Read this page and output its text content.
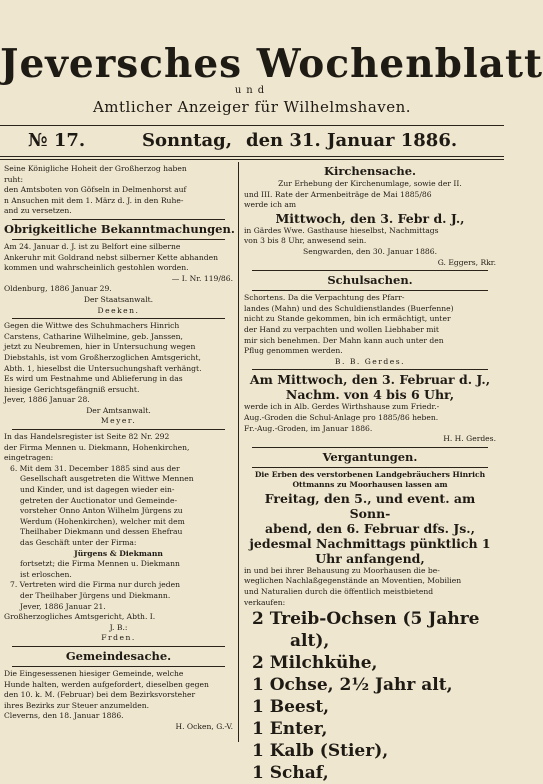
Jeversches Wochenblatt
und
Amtlicher Anzeiger für Wilhelmshaven.
№ 17.	Sonntag, den 31. Januar 1886.

Seine Königliche Hoheit der Großherzog haben

ruht:

den Amtsboten von Göfseln in Delmenhorst auf

n Ansuchen mit dem 1. März d. J. in den Ruhe-

and zu versetzen.

Obrigkeitliche Bekanntmachungen.

Am 24. Januar d. J. ist zu Belfort eine silberne

Ankeruhr mit Goldrand nebst silberner Kette abhanden

kommen und wahrscheinlich gestohlen worden.

— I. Nr. 119/86.

Oldenburg, 1886 Januar 29.

Der Staatsanwalt.

Deeken.

Gegen die Wittwe des Schuhmachers Hinrich

Carstens, Catharine Wilhelmine, geb. Janssen,

jetzt zu Neubremen, hier in Untersuchung wegen

Diebstahls, ist vom Großherzoglichen Amtsgericht,

Abth. 1, hieselbst die Untersuchungshaft verhängt.

Es wird um Festnahme und Ablieferung in das

hiesige Gerichtsgefängniß ersucht.

Jever, 1886 Januar 28.

Der Amtsanwalt.

Meyer.

In das Handelsregister ist Seite 82 Nr. 292

der Firma Mennen u. Diekmann, Hohenkirchen,

eingetragen:

6. Mit dem 31. December 1885 sind aus der

Gesellschaft ausgetreten die Wittwe Mennen

und Kinder, und ist dagegen wieder ein-

getreten der Auctionator und Gemeinde-

vorsteher Onno Anton Wilhelm Jürgens zu

Werdum (Hohenkirchen), welcher mit dem

Theilhaber Diekmann und dessen Ehefrau

das Geschäft unter der Firma:

Jürgens & Diekmann

fortsetzt; die Firma Mennen u. Diekmann

ist erloschen.

7. Vertreten wird die Firma nur durch jeden

der Theilhaber Jürgens und Diekmann.

Jever, 1886 Januar 21.

Großherzogliches Amtsgericht, Abth. I.

J. B.:

Frden.

Gemeindesache.

Die Eingesessenen hiesiger Gemeinde, welche

Hunde halten, werden aufgefordert, dieselben gegen

den 10. k. M. (Februar) bei dem Bezirksvorsteher

ihres Bezirks zur Steuer anzumelden.

Cleverns, den 18. Januar 1886.

H. Ocken, G.-V.

Kirchensache.

Zur Erhebung der Kirchenumlage, sowie der II.

und III. Rate der Armenbeiträge de Mai 1885/86

werde ich am

Mittwoch, den 3. Febr d. J.,

in Gärdes Wwe. Gasthause hieselbst, Nachmittags

von 3 bis 8 Uhr, anwesend sein.

Sengwarden, den 30. Januar 1886.

G. Eggers, Rkr.

Schulsachen.

Schortens. Da die Verpachtung des Pfarr-

landes (Mahn) und des Schuldienstlandes (Buerfenne)

nicht zu Stande gekommen, bin ich ermächtigt, unter

der Hand zu verpachten und wollen Liebhaber mit

mir sich benehmen. Der Mahn kann auch unter den

Pflug genommen werden.

B. B. Gerdes.

Am Mittwoch, den 3. Februar d. J.,

Nachm. von 4 bis 6 Uhr,

werde ich in Alb. Gerdes Wirthshause zum Friedr.-

Aug.-Groden die Schul-Anlage pro 1885/86 heben.

Fr.-Aug.-Groden, im Januar 1886.

H. H. Gerdes.

Vergantungen.

Die Erben des verstorbenen Landgebräuchers Hinrich Ottmanns zu Moorhausen lassen am

Freitag, den 5., und event. am Sonn-

abend, den 6. Februar dfs. Js.,

jedesmal Nachmittags pünktlich 1

Uhr anfangend,

in und bei ihrer Behausung zu Moorhausen die be-

weglichen Nachlaßgegenstände an Moventien, Mobilien

und Naturalien durch die öffentlich meistbietend

verkaufen:

2 Treib-Ochsen (5 Jahre
alt),
2 Milchkühe,
1 Ochse, 2½ Jahr alt,
1 Beest,
1 Enter,
1 Kalb (Stier),
1 Schaf,
